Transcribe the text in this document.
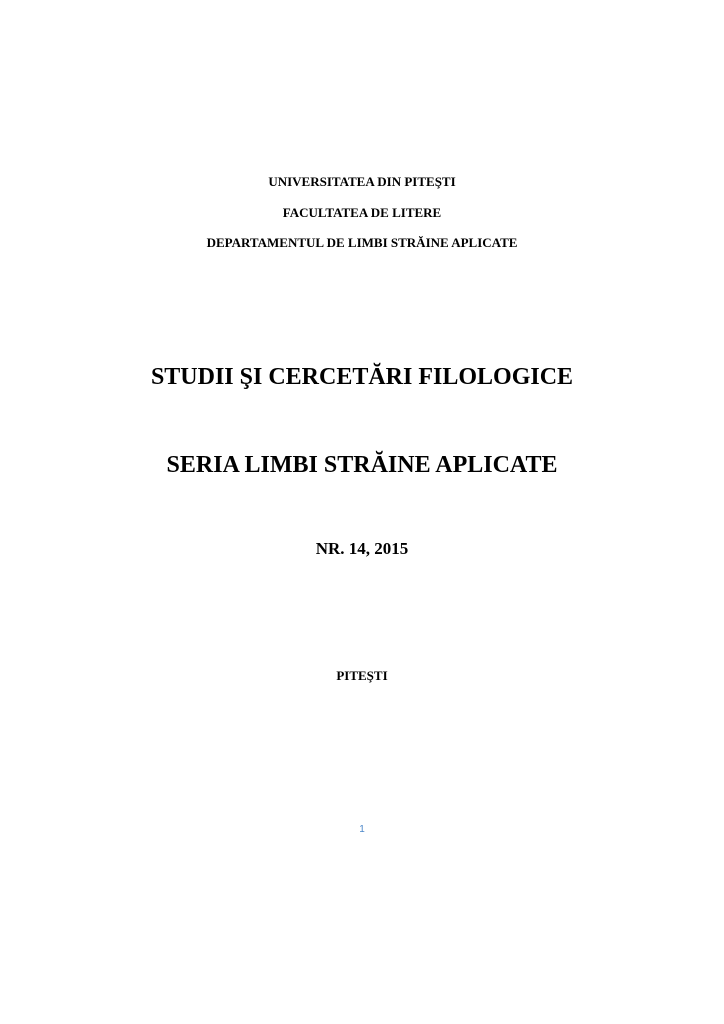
UNIVERSITATEA DIN PITEŞTI
FACULTATEA DE LITERE
DEPARTAMENTUL DE LIMBI STRĂINE APLICATE
STUDII ŞI CERCETĂRI FILOLOGICE
SERIA LIMBI STRĂINE APLICATE
NR. 14, 2015
PITEŞTI
1
